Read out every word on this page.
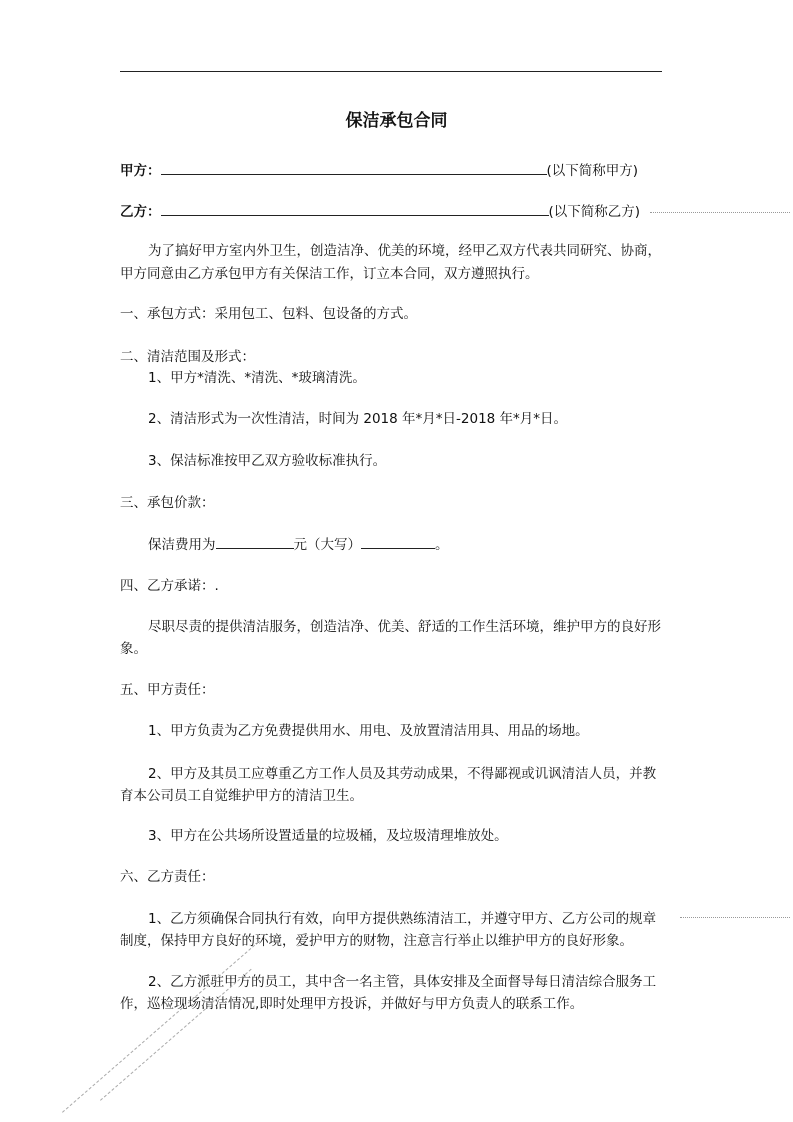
保洁承包合同
甲方：	(以下简称甲方)
乙方：	(以下简称乙方)
为了搞好甲方室内外卫生，创造洁净、优美的环境，经甲乙双方代表共同研究、协商，
甲方同意由乙方承包甲方有关保洁工作，订立本合同，双方遵照执行。
一、承包方式：采用包工、包料、包设备的方式。
二、清洁范围及形式：
1、甲方*清洗、*清洗、*玻璃清洗。
2、清洁形式为一次性清洁，时间为 2018 年*月*日-2018 年*月*日。
3、保洁标准按甲乙双方验收标准执行。
三、承包价款：
保洁费用为	元（大写）	。
四、乙方承诺：.
尽职尽责的提供清洁服务，创造洁净、优美、舒适的工作生活环境，维护甲方的良好形
象。
五、甲方责任：
1、甲方负责为乙方免费提供用水、用电、及放置清洁用具、用品的场地。
2、甲方及其员工应尊重乙方工作人员及其劳动成果，不得鄙视或讥讽清洁人员，并教
育本公司员工自觉维护甲方的清洁卫生。
3、甲方在公共场所设置适量的垃圾桶，及垃圾清理堆放处。
六、乙方责任：
1、乙方须确保合同执行有效，向甲方提供熟练清洁工，并遵守甲方、乙方公司的规章
制度，保持甲方良好的环境，爱护甲方的财物，注意言行举止以维护甲方的良好形象。
2、乙方派驻甲方的员工，其中含一名主管，具体安排及全面督导每日清洁综合服务工
作，巡检现场清洁情况,即时处理甲方投诉，并做好与甲方负责人的联系工作。
